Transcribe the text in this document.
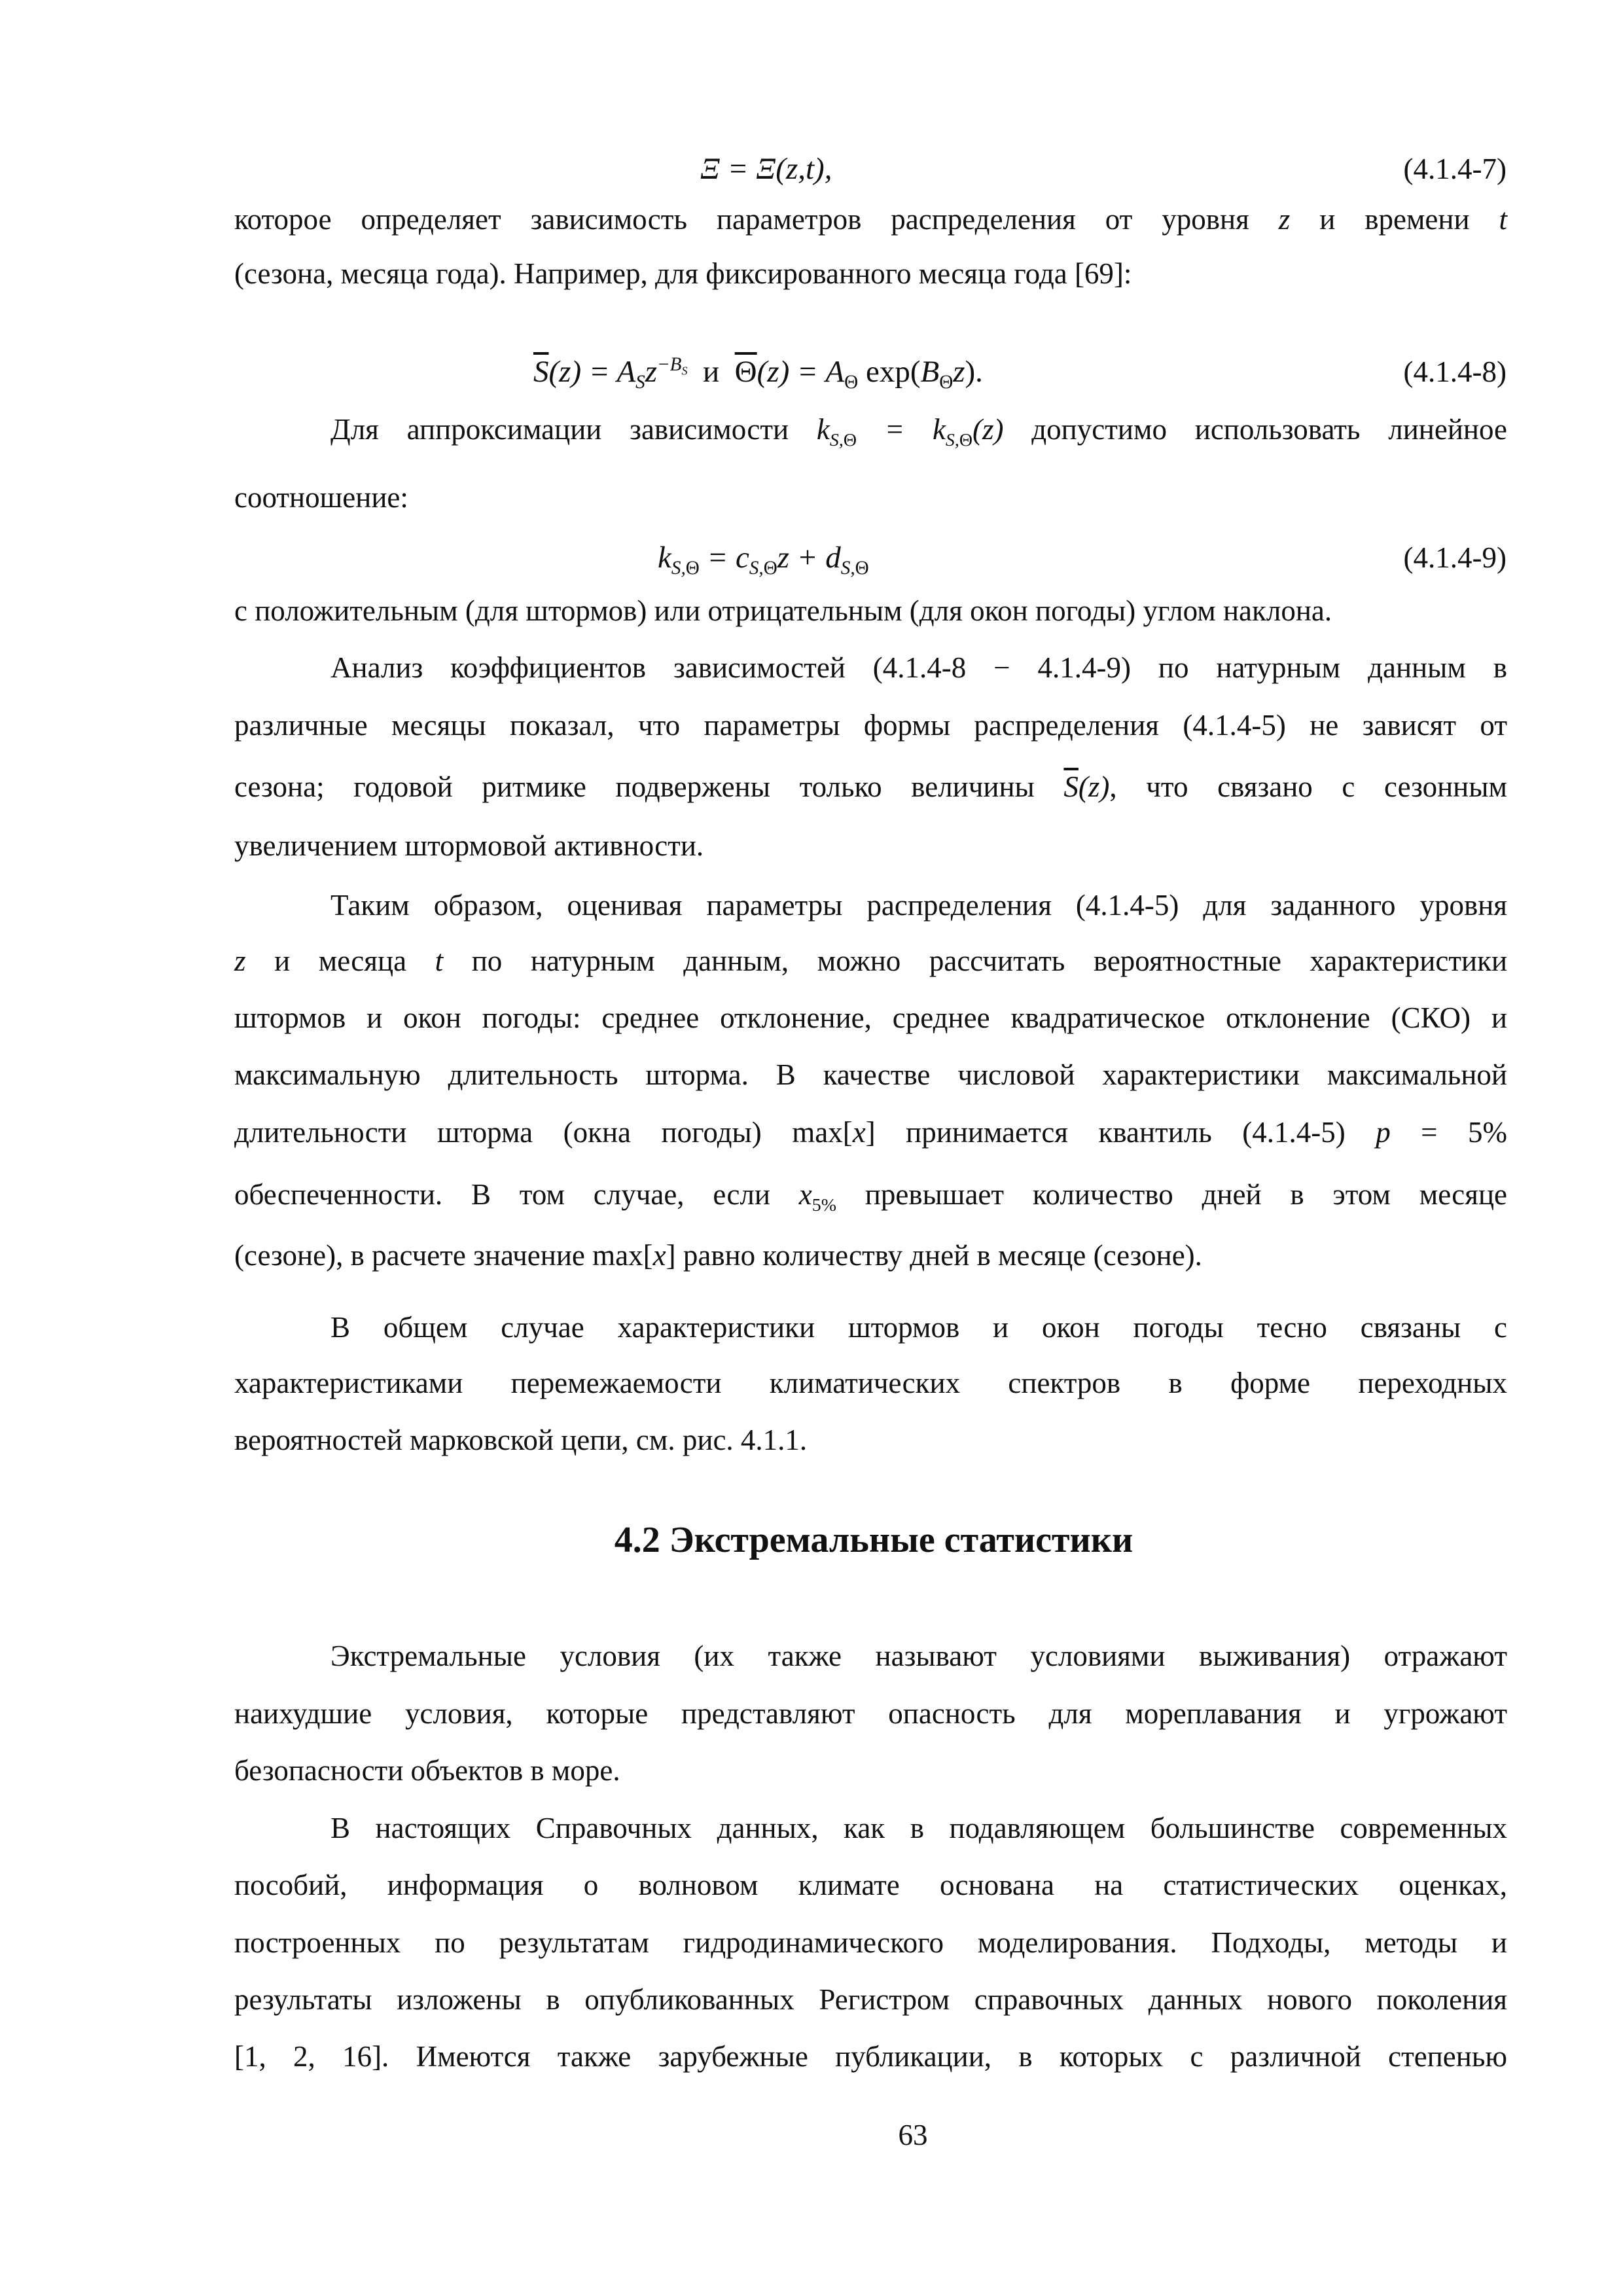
Ξ = Ξ(z,t),	(4.1.4-7)
которое определяет зависимость параметров распределения от уровня z и времени t
(сезона, месяца года). Например, для фиксированного месяца года [69]:
$\overline{S}(z) = A_Sz^{-B_S}$ и $\overline{\Theta}(z) = A_\Theta$ $\exp(B_\Theta z)$.	(4.1.4-8)
Для аппроксимации зависимости $k_{S,\Theta} = k_{S,\Theta}(z)$ допустимо использовать линейное
соотношение:
$k_{S,\Theta} = c_{S,\Theta}z + d_{S,\Theta}$	(4.1.4-9)
с положительным (для штормов) или отрицательным (для окон погоды) углом наклона.
Анализ коэффициентов зависимостей (4.1.4-8 − 4.1.4-9) по натурным данным в
различные месяцы показал, что параметры формы распределения (4.1.4-5) не зависят от
сезона; годовой ритмике подвержены только величины $\overline{S}(z)$, что связано с сезонным
увеличением штормовой активности.
Таким образом, оценивая параметры распределения (4.1.4-5) для заданного уровня
z и месяца t по натурным данным, можно рассчитать вероятностные характеристики
штормов и окон погоды: среднее отклонение, среднее квадратическое отклонение (СКО) и
максимальную длительность шторма. В качестве числовой характеристики максимальной
длительности шторма (окна погоды) max[x] принимается квантиль (4.1.4-5) p = 5%
обеспеченности. В том случае, если $x_{5\%}$ превышает количество дней в этом месяце
(сезоне), в расчете значение max[x] равно количеству дней в месяце (сезоне).
В общем случае характеристики штормов и окон погоды тесно связаны с
характеристиками перемежаемости климатических спектров в форме переходных
вероятностей марковской цепи, см. рис. 4.1.1.
4.2 Экстремальные статистики
Экстремальные условия (их также называют условиями выживания) отражают
наихудшие условия, которые представляют опасность для мореплавания и угрожают
безопасности объектов в море.
В настоящих Справочных данных, как в подавляющем большинстве современных
пособий, информация о волновом климате основана на статистических оценках,
построенных по результатам гидродинамического моделирования. Подходы, методы и
результаты изложены в опубликованных Регистром справочных данных нового поколения
[1, 2, 16]. Имеются также зарубежные публикации, в которых с различной степенью
63
